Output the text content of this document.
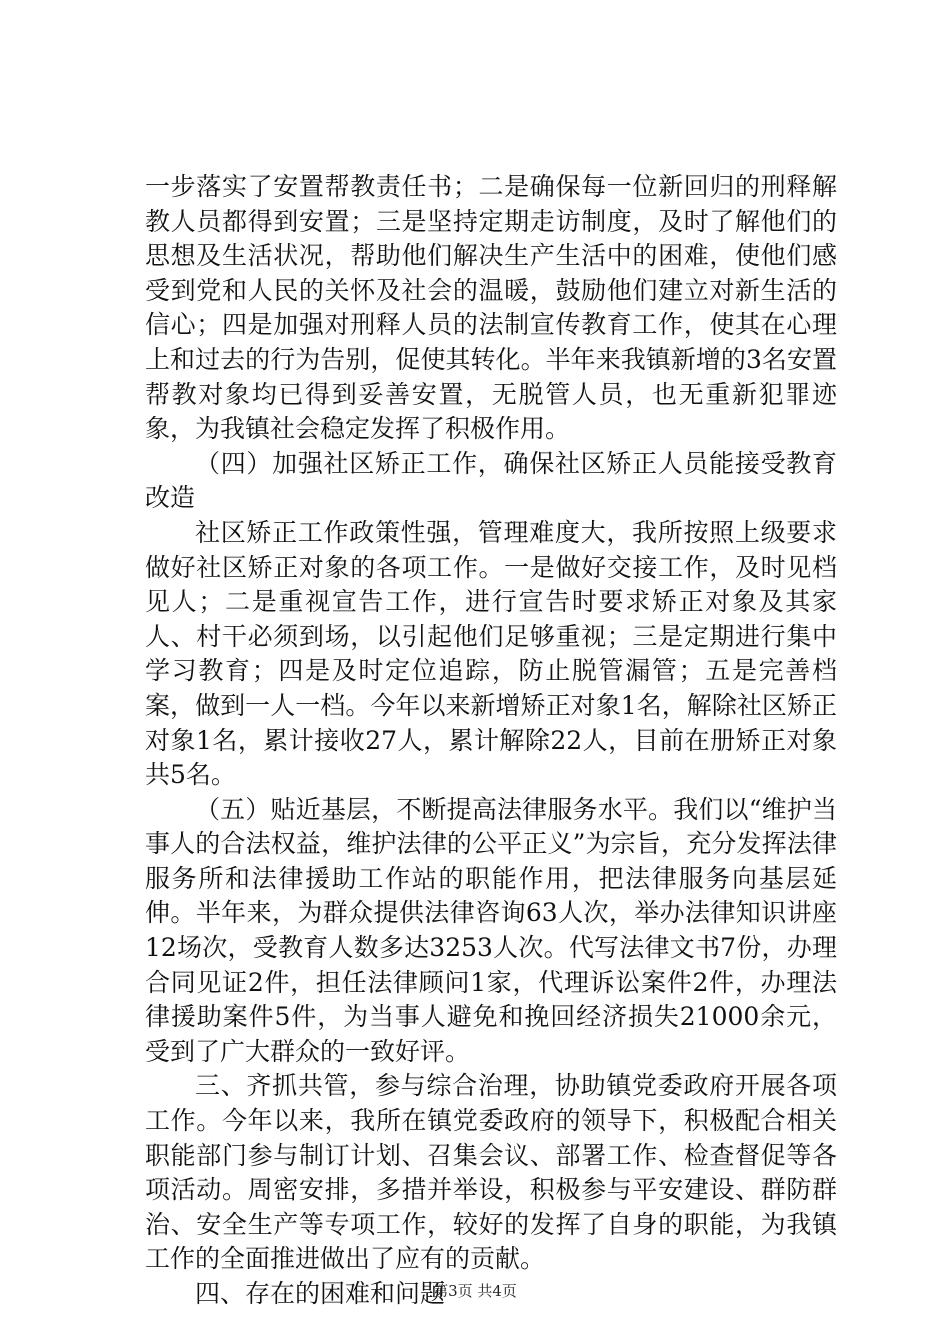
一步落实了安置帮教责任书；二是确保每一位新回归的刑释解教人员都得到安置；三是坚持定期走访制度，及时了解他们的思想及生活状况，帮助他们解决生产生活中的困难，使他们感受到党和人民的关怀及社会的温暖，鼓励他们建立对新生活的信心；四是加强对刑释人员的法制宣传教育工作，使其在心理上和过去的行为告别，促使其转化。半年来我镇新增的3名安置帮教对象均已得到妥善安置，无脱管人员，也无重新犯罪迹象，为我镇社会稳定发挥了积极作用。

（四）加强社区矫正工作，确保社区矫正人员能接受教育改造

社区矫正工作政策性强，管理难度大，我所按照上级要求做好社区矫正对象的各项工作。一是做好交接工作，及时见档见人；二是重视宣告工作，进行宣告时要求矫正对象及其家人、村干必须到场，以引起他们足够重视；三是定期进行集中学习教育；四是及时定位追踪，防止脱管漏管；五是完善档案，做到一人一档。今年以来新增矫正对象1名，解除社区矫正对象1名，累计接收27人，累计解除22人，目前在册矫正对象共5名。

（五）贴近基层，不断提高法律服务水平。我们以“维护当事人的合法权益，维护法律的公平正义”为宗旨，充分发挥法律服务所和法律援助工作站的职能作用，把法律服务向基层延伸。半年来，为群众提供法律咨询63人次，举办法律知识讲座12场次，受教育人数多达3253人次。代写法律文书7份，办理合同见证2件，担任法律顾问1家，代理诉讼案件2件，办理法律援助案件5件，为当事人避免和挽回经济损失21000余元，受到了广大群众的一致好评。

三、齐抓共管，参与综合治理，协助镇党委政府开展各项工作。今年以来，我所在镇党委政府的领导下，积极配合相关职能部门参与制订计划、召集会议、部署工作、检查督促等各项活动。周密安排，多措并举设，积极参与平安建设、群防群治、安全生产等专项工作，较好的发挥了自身的职能，为我镇工作的全面推进做出了应有的贡献。

四、存在的困难和问题

第3页 共4页
